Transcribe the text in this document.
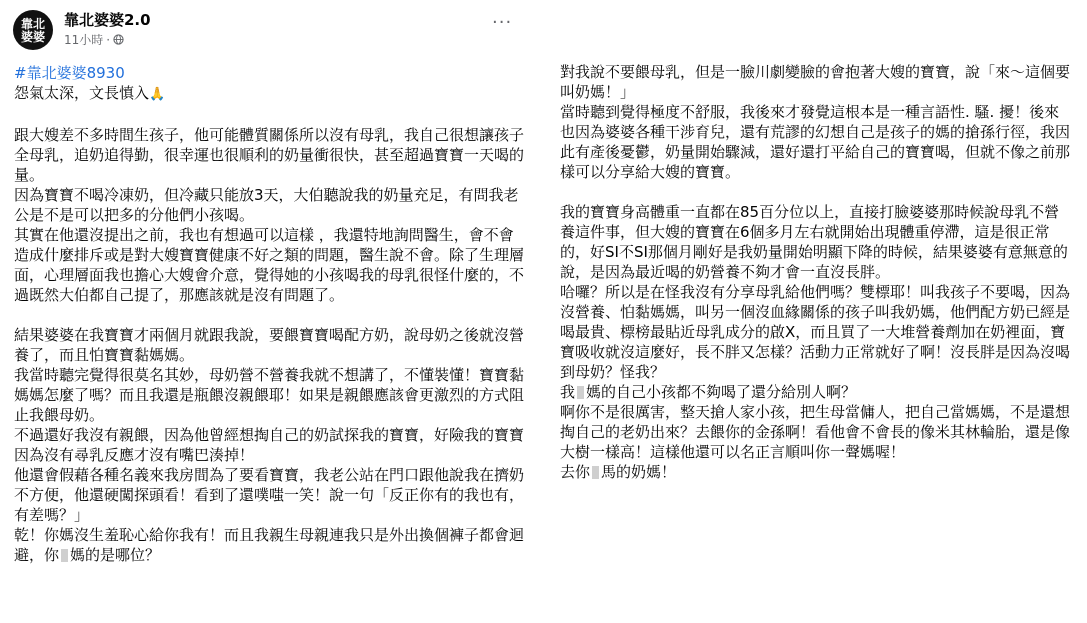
靠北婆婆
靠北婆婆2.0
11小時 ·
···

#靠北婆婆8930

怨氣太深，文長慎入🙏

跟大嫂差不多時間生孩子，他可能體質關係所以沒有母乳，我自己很想讓孩子全母乳，追奶追得勤，很幸運也很順利的奶量衝很快，甚至超過寶寶一天喝的量。

因為寶寶不喝冷凍奶，但冷藏只能放3天，大伯聽說我的奶量充足，有問我老公是不是可以把多的分他們小孩喝。

其實在他還沒提出之前，我也有想過可以這樣 ，我還特地詢問醫生，會不會造成什麼排斥或是對大嫂寶寶健康不好之類的問題，醫生說不會。除了生理層面，心理層面我也擔心大嫂會介意，覺得她的小孩喝我的母乳很怪什麼的，不過既然大伯都自己提了，那應該就是沒有問題了。

結果婆婆在我寶寶才兩個月就跟我說，要餵寶寶喝配方奶，說母奶之後就沒營養了，而且怕寶寶黏媽媽。

我當時聽完覺得很莫名其妙，母奶營不營養我就不想講了，不懂裝懂！寶寶黏媽媽怎麼了嗎？而且我還是瓶餵沒親餵耶！如果是親餵應該會更激烈的方式阻止我餵母奶。

不過還好我沒有親餵，因為他曾經想掏自己的奶試探我的寶寶，好險我的寶寶因為沒有尋乳反應才沒有嘴巴湊掉！

他還會假藉各種名義來我房間為了要看寶寶，我老公站在門口跟他說我在擠奶不方便，他還硬闖探頭看！看到了還噗嗤一笑！說一句「反正你有的我也有，有差嗎？」

乾！你媽沒生羞恥心給你我有！而且我親生母親連我只是外出換個褲子都會迴避，你 媽的是哪位？

對我說不要餵母乳，但是一臉川劇變臉的會抱著大嫂的寶寶，說「來～這個要叫奶媽！」

當時聽到覺得極度不舒服，我後來才發覺這根本是一種言語性. 騷. 擾！後來也因為婆婆各種干涉育兒，還有荒謬的幻想自己是孩子的媽的搶孫行徑，我因此有產後憂鬱，奶量開始驟減，還好還打平給自己的寶寶喝，但就不像之前那樣可以分享給大嫂的寶寶。

我的寶寶身高體重一直都在85百分位以上，直接打臉婆婆那時候說母乳不營養這件事，但大嫂的寶寶在6個多月左右就開始出現體重停滯，這是很正常的，好SI不SI那個月剛好是我奶量開始明顯下降的時候，結果婆婆有意無意的說，是因為最近喝的奶營養不夠才會一直沒長胖。

哈囉？所以是在怪我沒有分享母乳給他們嗎？雙標耶！叫我孩子不要喝，因為沒營養、怕黏媽媽，叫另一個沒血緣關係的孩子叫我奶媽，他們配方奶已經是喝最貴、標榜最貼近母乳成分的啟X，而且買了一大堆營養劑加在奶裡面，寶寶吸收就沒這麼好，長不胖又怎樣？活動力正常就好了啊！沒長胖是因為沒喝到母奶？怪我？

我 媽的自己小孩都不夠喝了還分給別人啊？

啊你不是很厲害，整天搶人家小孩，把生母當傭人，把自己當媽媽，不是還想掏自己的老奶出來？去餵你的金孫啊！看他會不會長的像米其林輪胎，還是像大樹一樣高！這樣他還可以名正言順叫你一聲媽喔！

去你 馬的奶媽！
